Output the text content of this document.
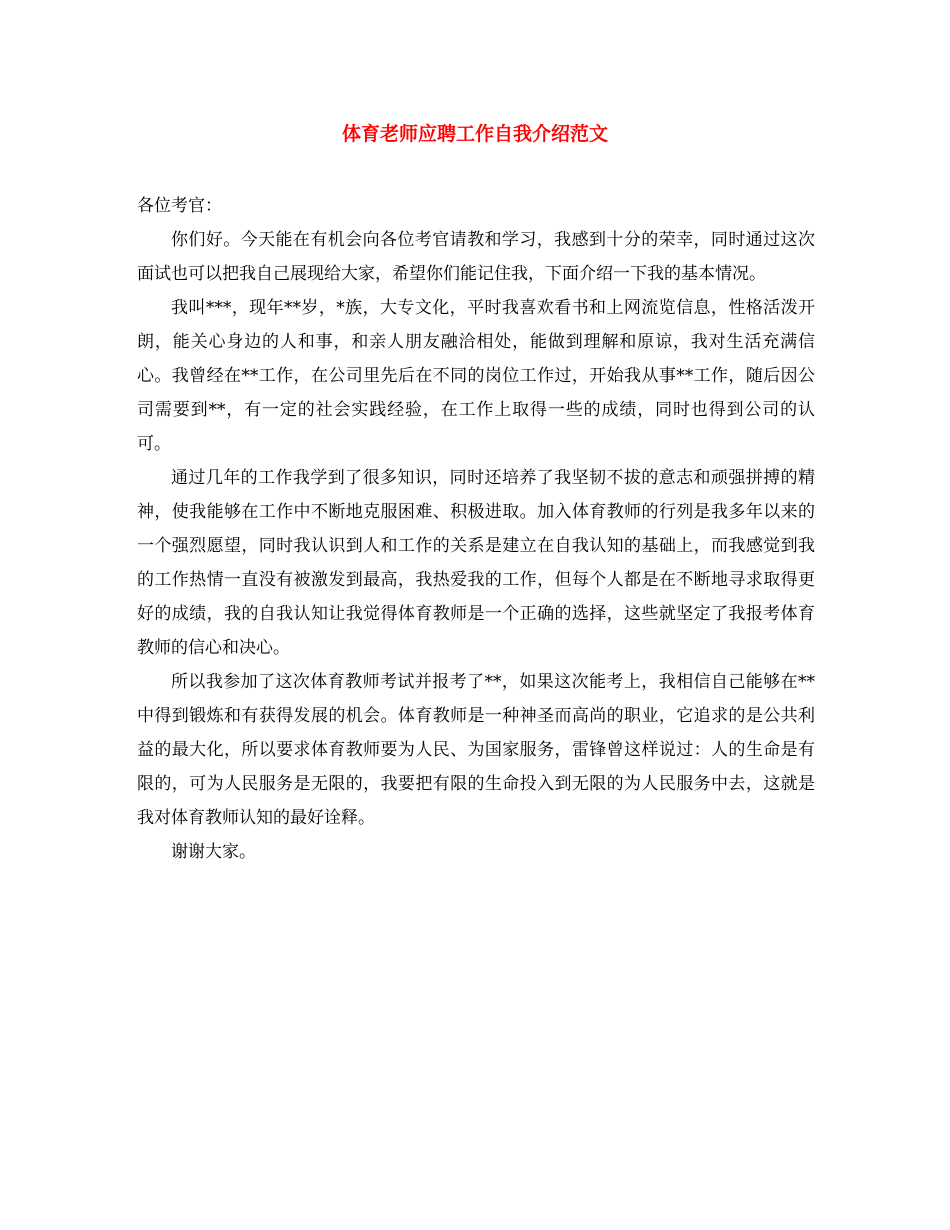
体育老师应聘工作自我介绍范文

各位考官：

你们好。今天能在有机会向各位考官请教和学习，我感到十分的荣幸，同时通过这次面试也可以把我自己展现给大家，希望你们能记住我，下面介绍一下我的基本情况。

我叫***，现年**岁，*族，大专文化，平时我喜欢看书和上网流览信息，性格活泼开朗，能关心身边的人和事，和亲人朋友融洽相处，能做到理解和原谅，我对生活充满信心。我曾经在**工作，在公司里先后在不同的岗位工作过，开始我从事**工作，随后因公司需要到**，有一定的社会实践经验，在工作上取得一些的成绩，同时也得到公司的认可。

通过几年的工作我学到了很多知识，同时还培养了我坚韧不拔的意志和顽强拼搏的精神，使我能够在工作中不断地克服困难、积极进取。加入体育教师的行列是我多年以来的一个强烈愿望，同时我认识到人和工作的关系是建立在自我认知的基础上，而我感觉到我的工作热情一直没有被激发到最高，我热爱我的工作，但每个人都是在不断地寻求取得更好的成绩，我的自我认知让我觉得体育教师是一个正确的选择，这些就坚定了我报考体育教师的信心和决心。

所以我参加了这次体育教师考试并报考了**，如果这次能考上，我相信自己能够在**中得到锻炼和有获得发展的机会。体育教师是一种神圣而高尚的职业，它追求的是公共利益的最大化，所以要求体育教师要为人民、为国家服务，雷锋曾这样说过：人的生命是有限的，可为人民服务是无限的，我要把有限的生命投入到无限的为人民服务中去，这就是我对体育教师认知的最好诠释。

谢谢大家。
